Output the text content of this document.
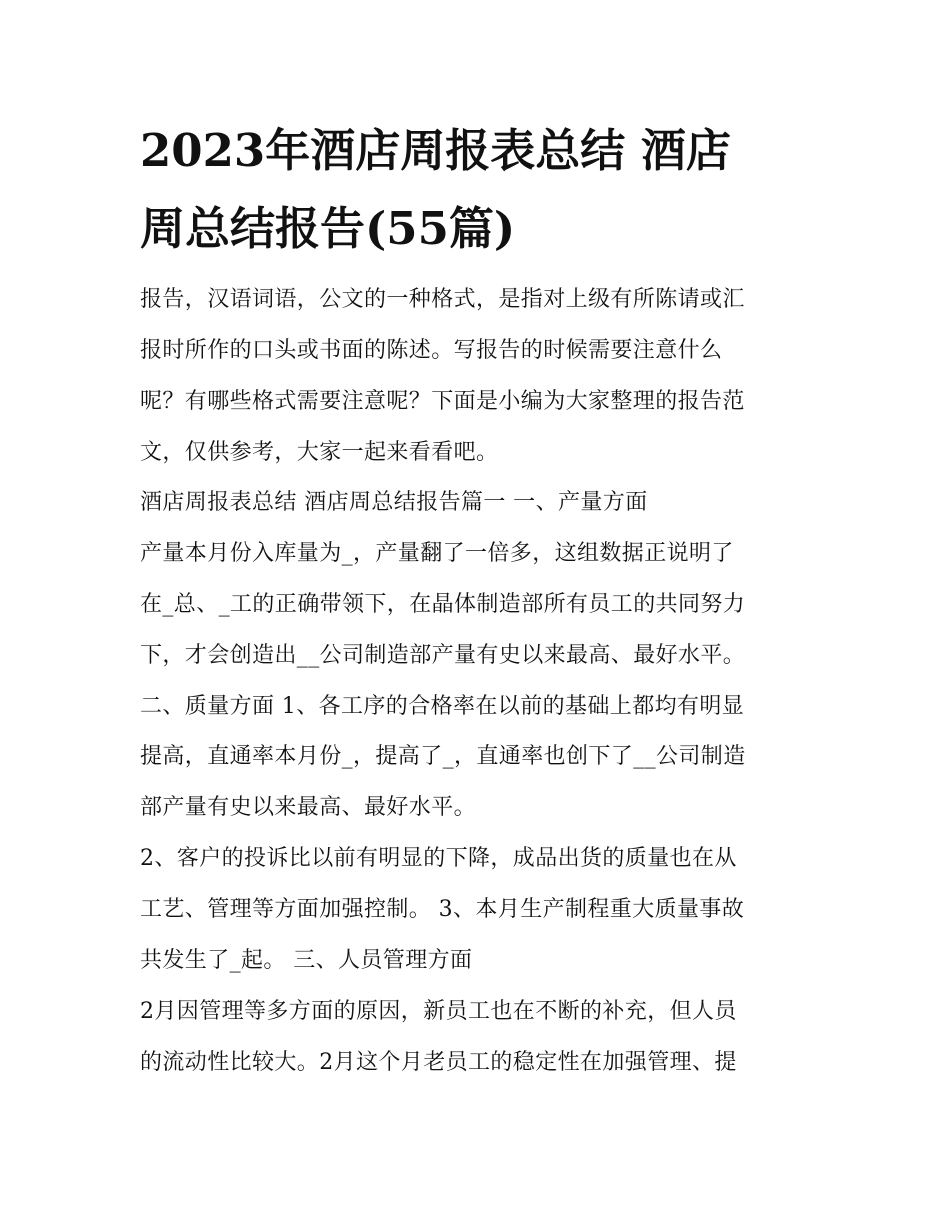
2023年酒店周报表总结 酒店
周总结报告(55篇)
报告，汉语词语，公文的一种格式，是指对上级有所陈请或汇
报时所作的口头或书面的陈述。写报告的时候需要注意什么
呢？有哪些格式需要注意呢？下面是小编为大家整理的报告范
文，仅供参考，大家一起来看看吧。
酒店周报表总结 酒店周总结报告篇一 一、产量方面
产量本月份入库量为_，产量翻了一倍多，这组数据正说明了
在_总、_工的正确带领下，在晶体制造部所有员工的共同努力
下，才会创造出__公司制造部产量有史以来最高、最好水平。
二、质量方面 1、各工序的合格率在以前的基础上都均有明显
提高，直通率本月份_，提高了_，直通率也创下了__公司制造
部产量有史以来最高、最好水平。
2、客户的投诉比以前有明显的下降，成品出货的质量也在从
工艺、管理等方面加强控制。 3、本月生产制程重大质量事故
共发生了_起。 三、人员管理方面
2月因管理等多方面的原因，新员工也在不断的补充，但人员
的流动性比较大。2月这个月老员工的稳定性在加强管理、提
